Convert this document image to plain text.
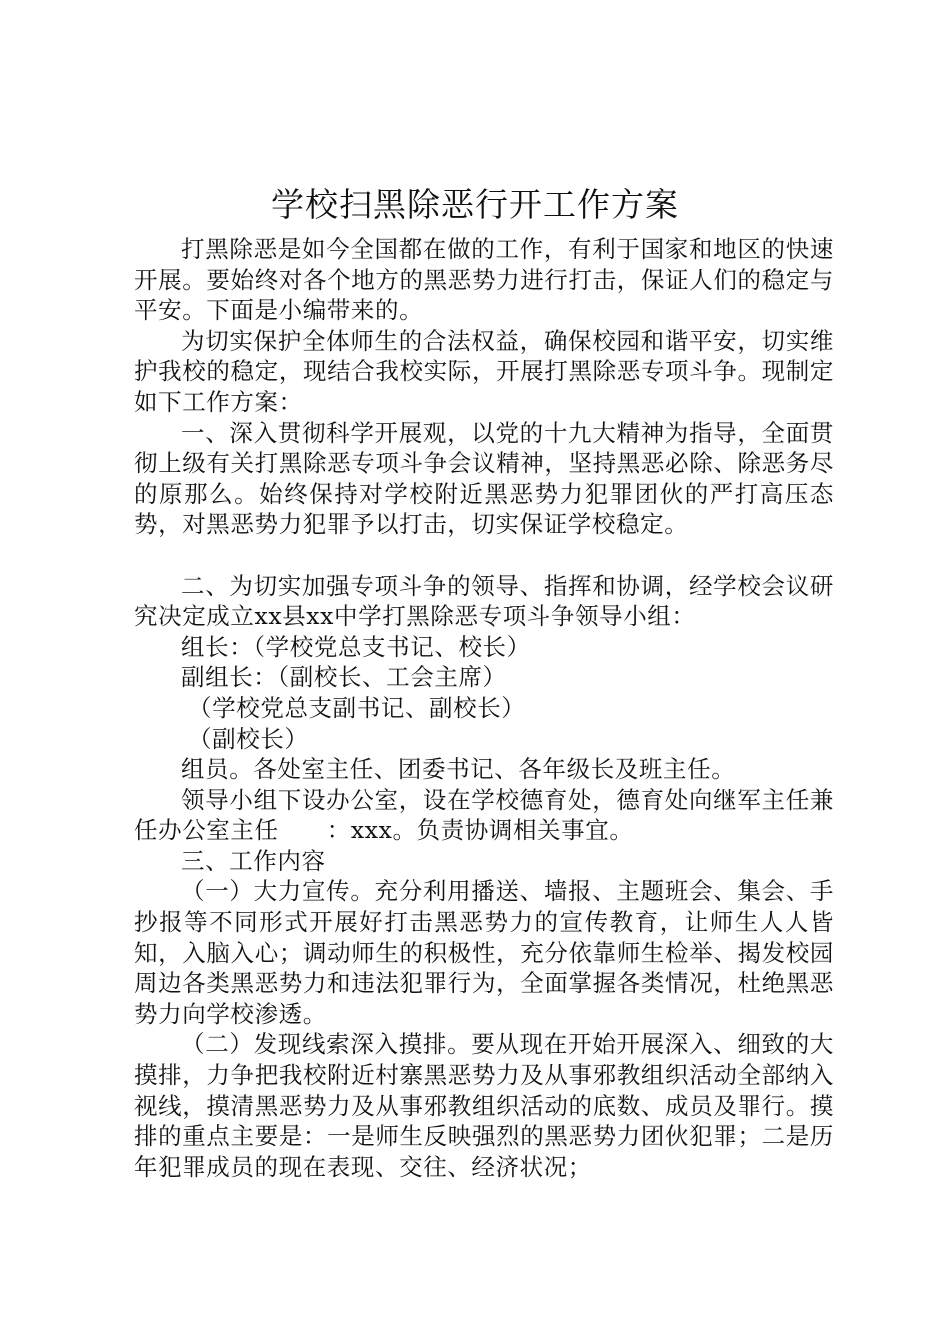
学校扫黑除恶行开工作方案

打黑除恶是如今全国都在做的工作，有利于国家和地区的快速开展。要始终对各个地方的黑恶势力进行打击，保证人们的稳定与平安。下面是小编带来的。

为切实保护全体师生的合法权益，确保校园和谐平安，切实维护我校的稳定，现结合我校实际，开展打黑除恶专项斗争。现制定如下工作方案：

一、深入贯彻科学开展观，以党的十九大精神为指导，全面贯彻上级有关打黑除恶专项斗争会议精神，坚持黑恶必除、除恶务尽的原那么。始终保持对学校附近黑恶势力犯罪团伙的严打高压态势，对黑恶势力犯罪予以打击，切实保证学校稳定。

二、为切实加强专项斗争的领导、指挥和协调，经学校会议研究决定成立xx县xx中学打黑除恶专项斗争领导小组：

组长：（学校党总支书记、校长）

副组长：（副校长、工会主席）

（学校党总支副书记、副校长）

（副校长）

组员。各处室主任、团委书记、各年级长及班主任。

领导小组下设办公室，设在学校德育处，德育处向继军主任兼任办公室主任　　：xxx。负责协调相关事宜。

三、工作内容

（一）大力宣传。充分利用播送、墙报、主题班会、集会、手抄报等不同形式开展好打击黑恶势力的宣传教育，让师生人人皆知，入脑入心；调动师生的积极性，充分依靠师生检举、揭发校园周边各类黑恶势力和违法犯罪行为，全面掌握各类情况，杜绝黑恶势力向学校渗透。

（二）发现线索深入摸排。要从现在开始开展深入、细致的大摸排，力争把我校附近村寨黑恶势力及从事邪教组织活动全部纳入视线，摸清黑恶势力及从事邪教组织活动的底数、成员及罪行。摸排的重点主要是：一是师生反映强烈的黑恶势力团伙犯罪；二是历年犯罪成员的现在表现、交往、经济状况；
